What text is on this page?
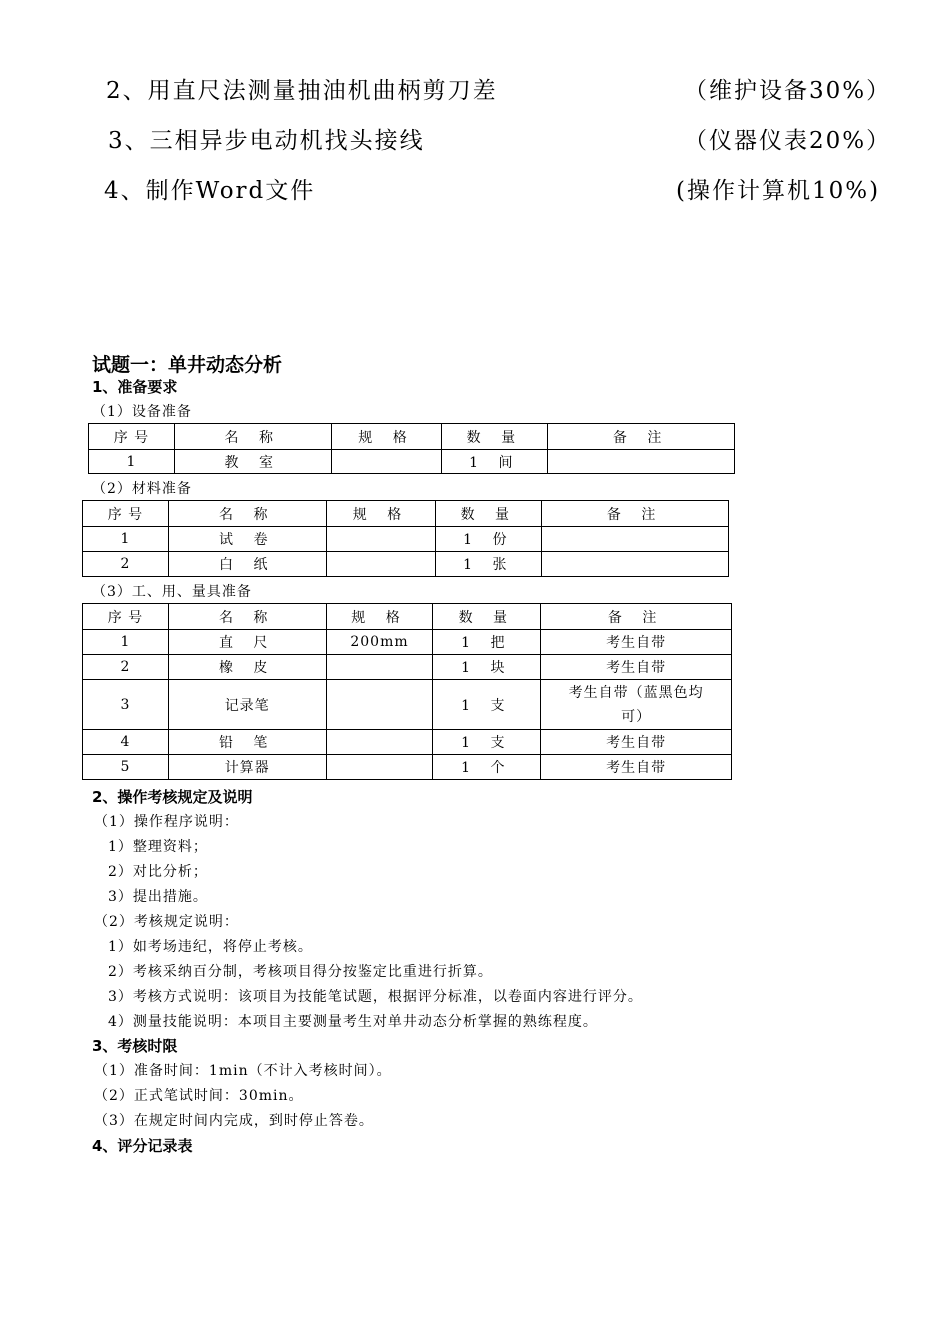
2、用直尺法测量抽油机曲柄剪刀差	（维护设备30%）
3、三相异步电动机找头接线	（仪器仪表20%）
4、制作Word文件	(操作计算机10%)
试题一：单井动态分析
1、准备要求
（1）设备准备
序 号	名 称	规 格	数 量	备 注
1	教 室		1 间	
（2）材料准备
序 号	名 称	规 格	数 量	备 注
1	试 卷		1 份	
2	白 纸		1 张	
（3）工、用、量具准备
序 号	名 称	规 格	数 量	备 注
1	直 尺	200mm	1 把	考生自带
2	橡 皮		1 块	考生自带
3	记录笔		1 支	考生自带（蓝黑色均可）
4	铅 笔		1 支	考生自带
5	计算器		1 个	考生自带
2、操作考核规定及说明
（1）操作程序说明：
1）整理资料；
2）对比分析；
3）提出措施。
（2）考核规定说明：
1）如考场违纪，将停止考核。
2）考核采纳百分制，考核项目得分按鉴定比重进行折算。
3）考核方式说明：该项目为技能笔试题，根据评分标准，以卷面内容进行评分。
4）测量技能说明：本项目主要测量考生对单井动态分析掌握的熟练程度。
3、考核时限
（1）准备时间：1min（不计入考核时间）。
（2）正式笔试时间：30min。
（3）在规定时间内完成，到时停止答卷。
4、评分记录表
